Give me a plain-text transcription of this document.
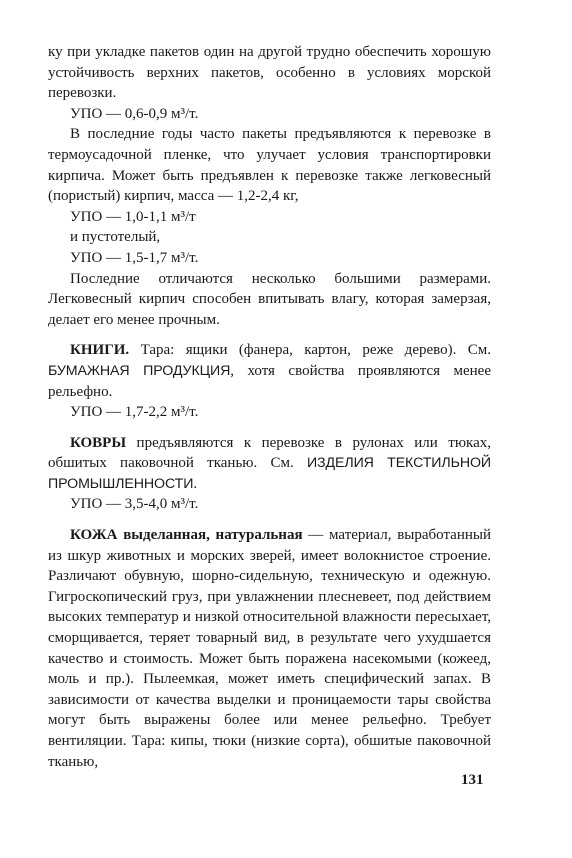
ку при укладке пакетов один на другой трудно обеспечить хорошую устойчивость верхних пакетов, особенно в условиях морской перевозки.

УПО — 0,6-0,9 м³/т.

В последние годы часто пакеты предъявляются к перевозке в термоусадочной пленке, что улучает условия транспортировки кирпича. Может быть предъявлен к перевозке также легковесный (пористый) кирпич, масса — 1,2-2,4 кг,

УПО — 1,0-1,1 м³/т

и пустотелый,

УПО — 1,5-1,7 м³/т.

Последние отличаются несколько большими размерами. Легковесный кирпич способен впитывать влагу, которая замерзая, делает его менее прочным.

КНИГИ. Тара: ящики (фанера, картон, реже дерево). См. БУМАЖНАЯ ПРОДУКЦИЯ, хотя свойства проявляются менее рельефно.

УПО — 1,7-2,2 м³/т.

КОВРЫ предъявляются к перевозке в рулонах или тюках, обшитых паковочной тканью. См. ИЗДЕЛИЯ ТЕКСТИЛЬНОЙ ПРОМЫШЛЕННОСТИ.

УПО — 3,5-4,0 м³/т.

КОЖА выделанная, натуральная — материал, выработанный из шкур животных и морских зверей, имеет волокнистое строение. Различают обувную, шорно-сидельную, техническую и одежную. Гигроскопический груз, при увлажнении плесневеет, под действием высоких температур и низкой относительной влажности пересыхает, сморщивается, теряет товарный вид, в результате чего ухудшается качество и стоимость. Может быть поражена насекомыми (кожеед, моль и пр.). Пылеемкая, может иметь специфический запах. В зависимости от качества выделки и проницаемости тары свойства могут быть выражены более или менее рельефно. Требует вентиляции. Тара: кипы, тюки (низкие сорта), обшитые паковочной тканью,

131
